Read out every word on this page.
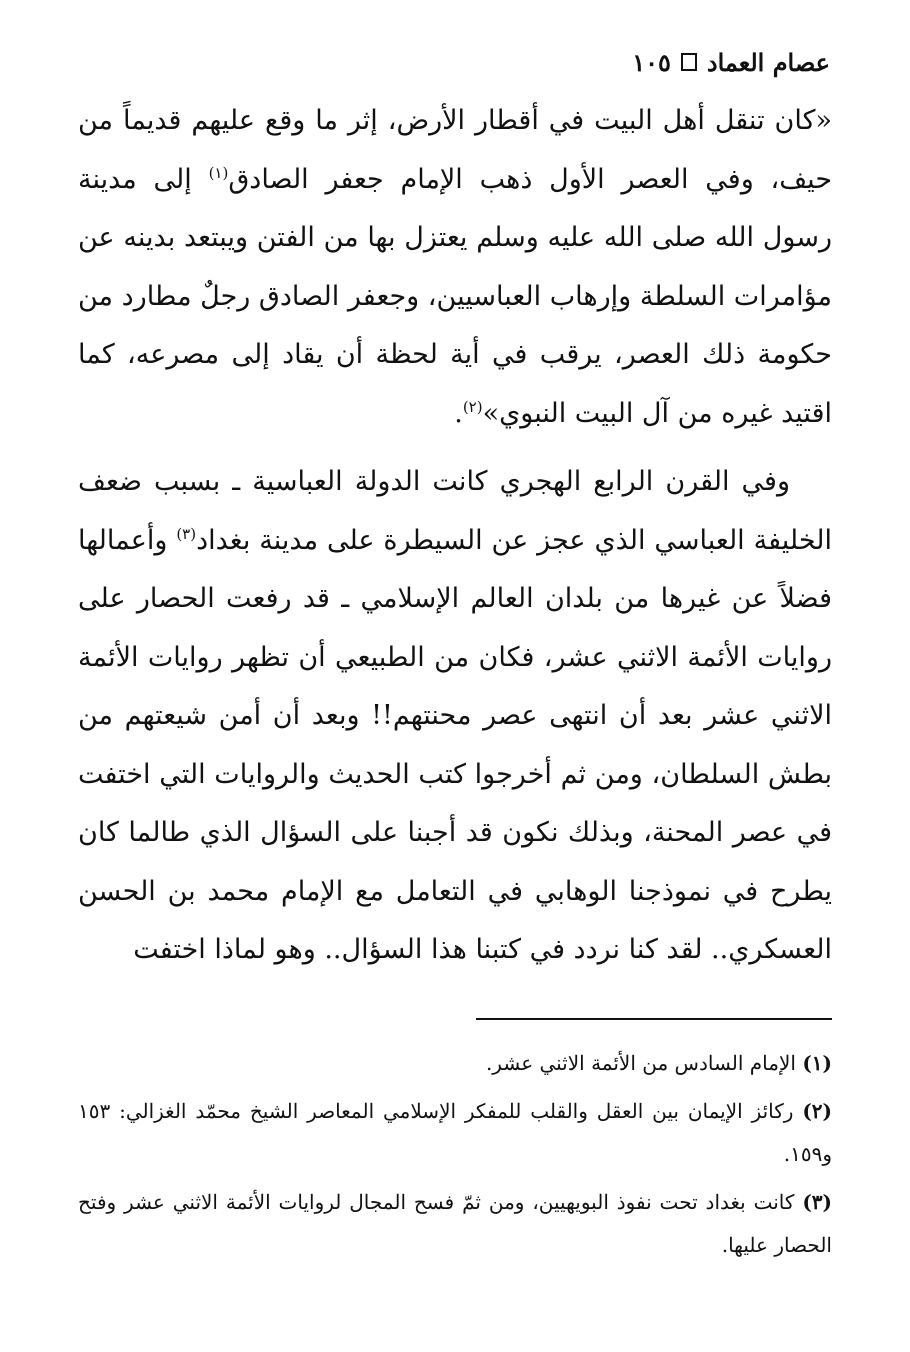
عصام العماد
١٠٥

«كان تنقل أهل البيت في أقطار الأرض، إثر ما وقع عليهم قديماً من حيف، وفي العصر الأول ذهب الإمام جعفر الصادق$^{(١)}$ إلى مدينة رسول الله صلى الله عليه وسلم يعتزل بها من الفتن ويبتعد بدينه عن مؤامرات السلطة وإرهاب العباسيين، وجعفر الصادق رجلٌ مطارد من حكومة ذلك العصر، يرقب في أية لحظة أن يقاد إلى مصرعه، كما اقتيد غيره من آل البيت النبوي»$^{(٢)}$.

وفي القرن الرابع الهجري كانت الدولة العباسية ـ بسبب ضعف الخليفة العباسي الذي عجز عن السيطرة على مدينة بغداد$^{(٣)}$ وأعمالها فضلاً عن غيرها من بلدان العالم الإسلامي ـ قد رفعت الحصار على روايات الأئمة الاثني عشر، فكان من الطبيعي أن تظهر روايات الأئمة الاثني عشر بعد أن انتهى عصر محنتهم!! وبعد أن أمن شيعتهم من بطش السلطان، ومن ثم أخرجوا كتب الحديث والروايات التي اختفت في عصر المحنة، وبذلك نكون قد أجبنا على السؤال الذي طالما كان يطرح في نموذجنا الوهابي في التعامل مع الإمام محمد بن الحسن العسكري.. لقد كنا نردد في كتبنا هذا السؤال.. وهو لماذا اختفت

(١) الإمام السادس من الأئمة الاثني عشر.

(٢) ركائز الإيمان بين العقل والقلب للمفكر الإسلامي المعاصر الشيخ محمّد الغزالي: ١٥٣ و١٥٩.

(٣) كانت بغداد تحت نفوذ البويهيين، ومن ثمّ فسح المجال لروايات الأئمة الاثني عشر وفتح الحصار عليها.
